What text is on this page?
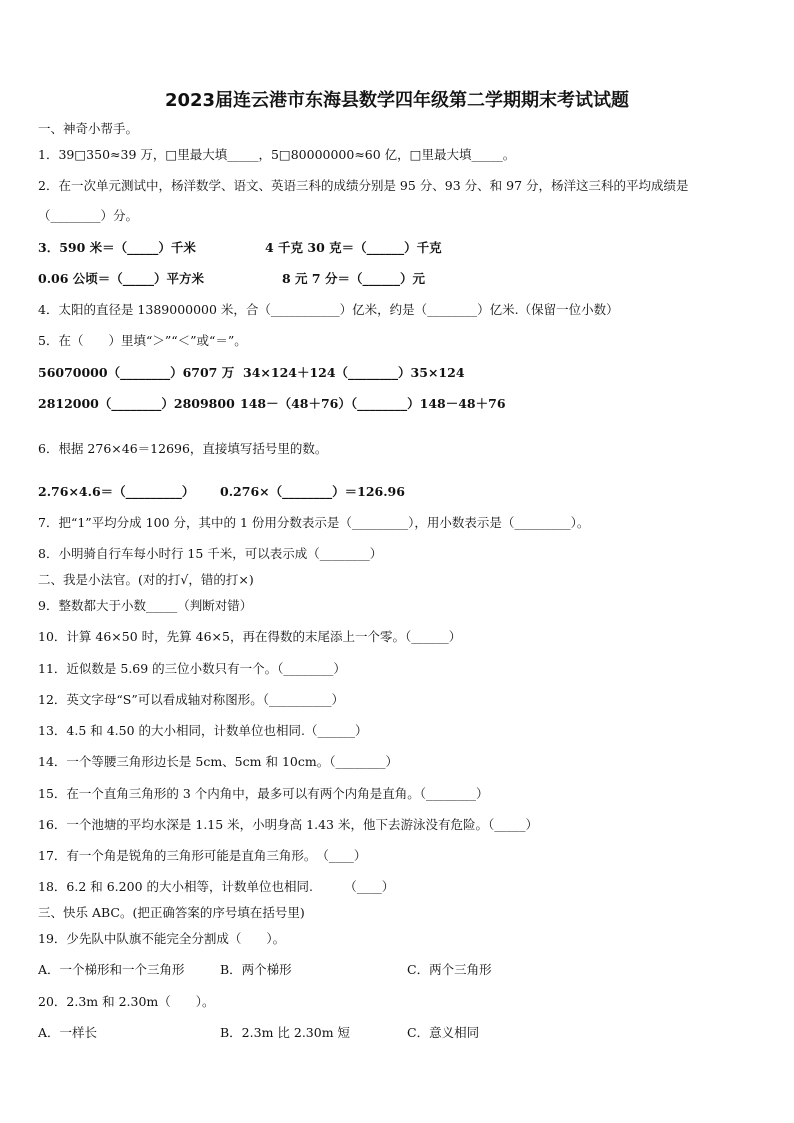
2023届连云港市东海县数学四年级第二学期期末考试试题
一、神奇小帮手。
1．39□350≈39 万，□里最大填_____，5□80000000≈60 亿，□里最大填_____。
2．在一次单元测试中，杨洋数学、语文、英语三科的成绩分别是 95 分、93 分、和 97 分，杨洋这三科的平均成绩是
（________）分。
3．590 米＝（_____）千米	4 千克 30 克＝（______）千克
0.06 公顷＝（_____）平方米	8 元 7 分＝（______）元
4．太阳的直径是 1389000000 米，合（___________）亿米，约是（________）亿米.（保留一位小数）
5．在（　　）里填“＞”“＜”或“＝”。
56070000（________）6707 万 34×124＋124（________）35×124
2812000（________）2809800 148－（48＋76）（________）148－48＋76
6．根据 276×46＝12696，直接填写括号里的数。
2.76×4.6＝（_________） 0.276×（________）＝126.96
7．把“1”平均分成 100 分，其中的 1 份用分数表示是（_________），用小数表示是（_________）。
8．小明骑自行车每小时行 15 千米，可以表示成（________）
二、我是小法官。(对的打√，错的打×)
9．整数都大于小数_____（判断对错）
10．计算 46×50 时，先算 46×5，再在得数的末尾添上一个零。（______）
11．近似数是 5.69 的三位小数只有一个。（________）
12．英文字母“S”可以看成轴对称图形。（__________）
13．4.5 和 4.50 的大小相同，计数单位也相同.（______）
14．一个等腰三角形边长是 5cm、5cm 和 10cm。（________）
15．在一个直角三角形的 3 个内角中，最多可以有两个内角是直角。（________）
16．一个池塘的平均水深是 1.15 米，小明身高 1.43 米，他下去游泳没有危险。（_____）
17．有一个角是锐角的三角形可能是直角三角形。　（____）
18．6.2 和 6.200 的大小相等，计数单位也相同.　　　（____）
三、快乐 ABC。(把正确答案的序号填在括号里)
19．少先队中队旗不能完全分割成（　　）。
A．一个梯形和一个三角形	B．两个梯形	C．两个三角形
20．2.3m 和 2.30m（　　）。
A．一样长	B．2.3m 比 2.30m 短	C．意义相同
